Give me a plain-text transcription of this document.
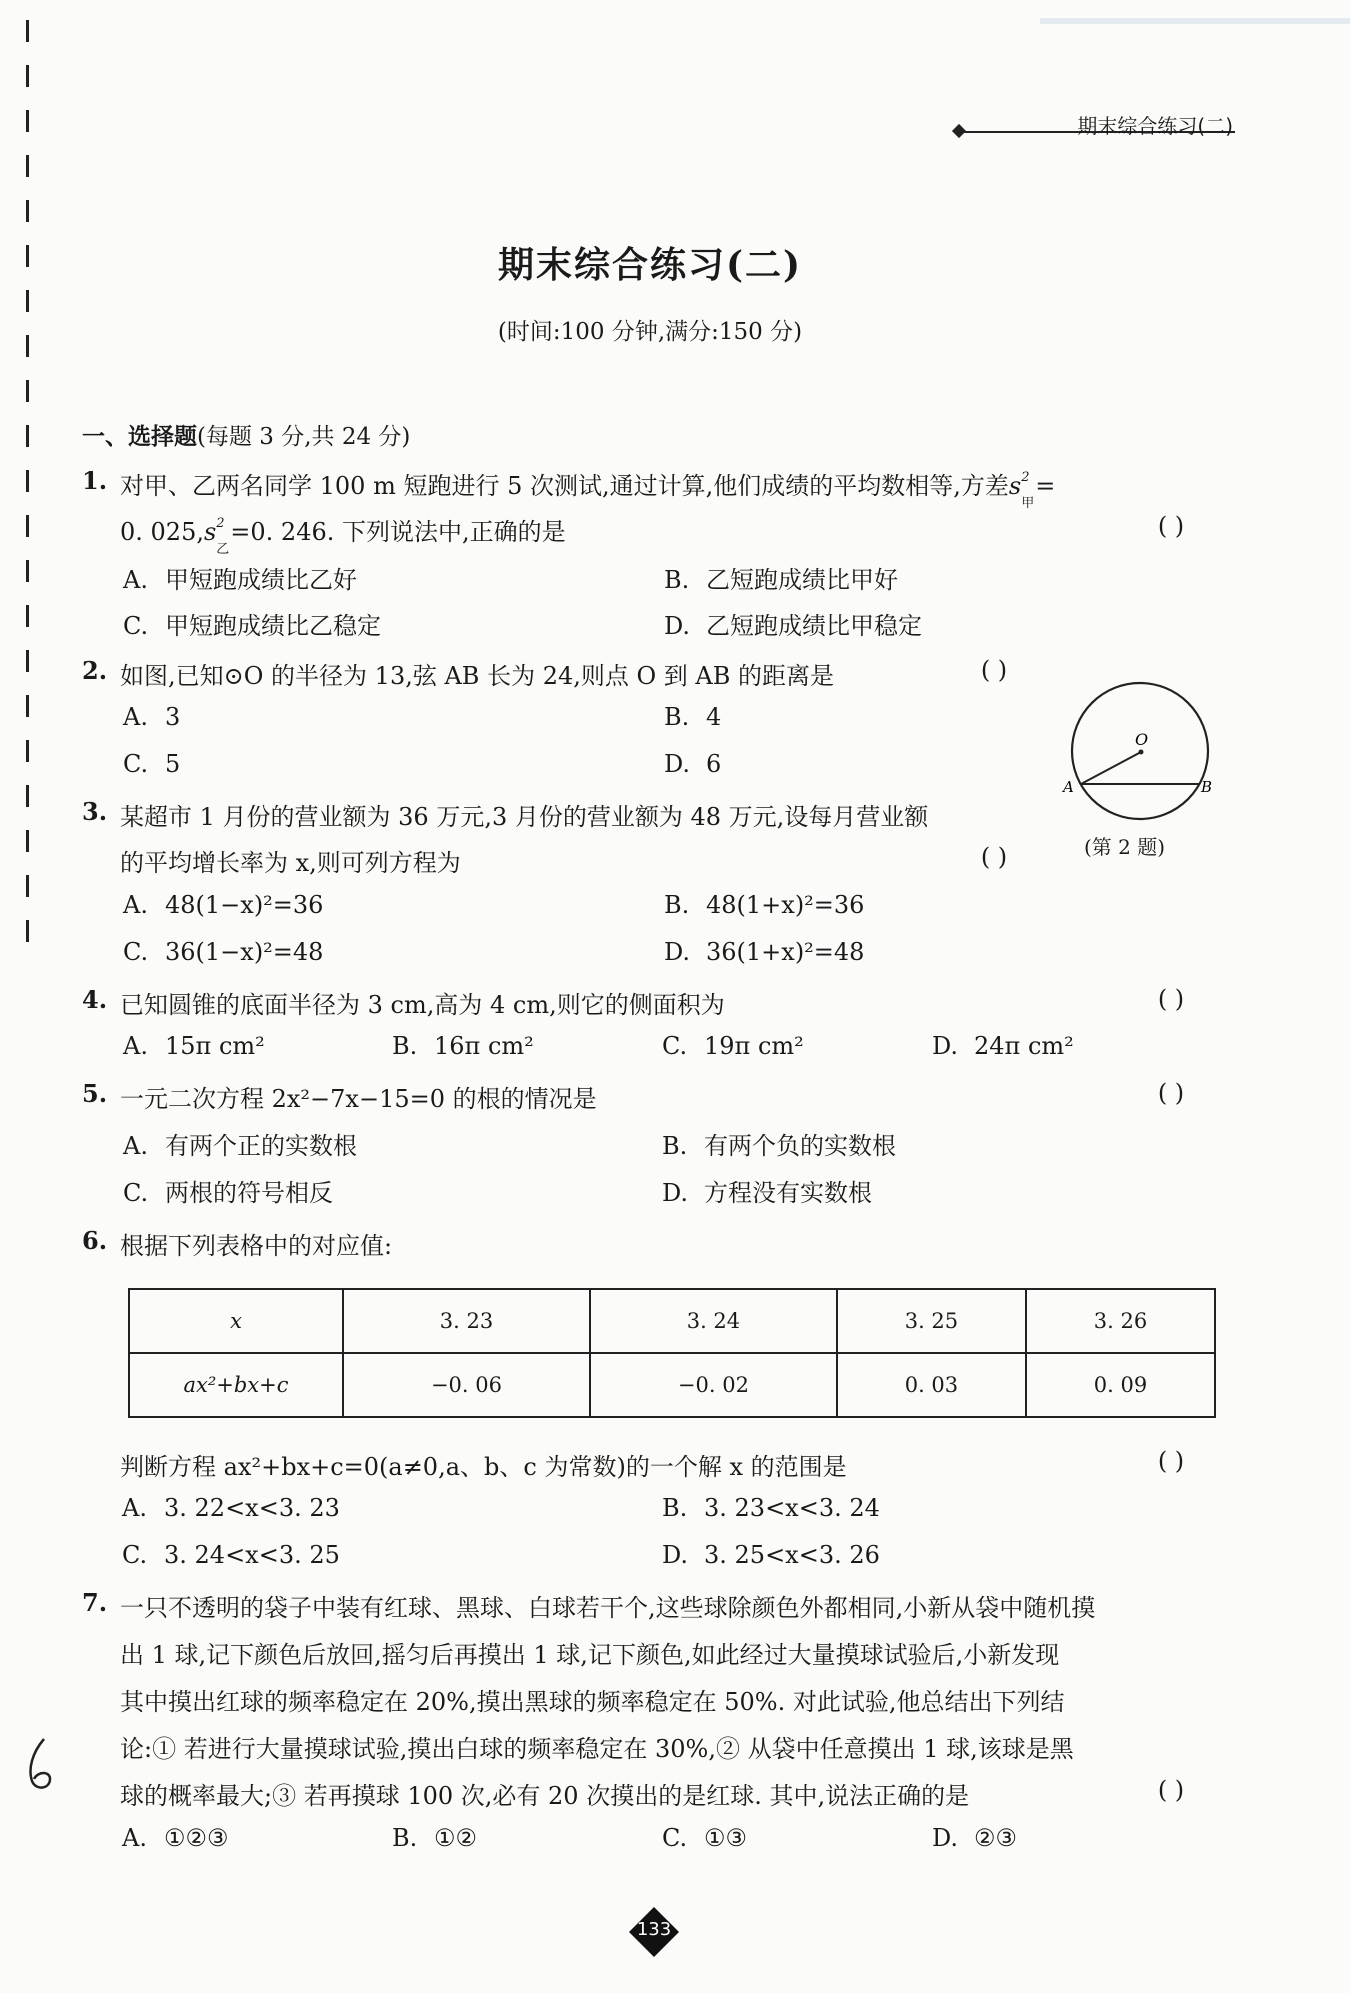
期末综合练习(二)
期末综合练习(二)
(时间:100 分钟,满分:150 分)
一、选择题(每题 3 分,共 24 分)
1. 对甲、乙两名同学 100 m 短跑进行 5 次测试,通过计算,他们成绩的平均数相等,方差s 2
甲
=
0. 025,s 2
乙
=0. 246. 下列说法中,正确的是	( )
A. 甲短跑成绩比乙好	B. 乙短跑成绩比甲好
C. 甲短跑成绩比乙稳定	D. 乙短跑成绩比甲稳定
2. 如图,已知⊙O 的半径为 13,弦 AB 长为 24,则点 O 到 AB 的距离是	( )
A. 3	B. 4
C. 5	D. 6
O
A	B
(第 2 题)
3. 某超市 1 月份的营业额为 36 万元,3 月份的营业额为 48 万元,设每月营业额
的平均增长率为 x,则可列方程为	( )
A. 48(1−x)²=36	B. 48(1+x)²=36
C. 36(1−x)²=48	D. 36(1+x)²=48
4. 已知圆锥的底面半径为 3 cm,高为 4 cm,则它的侧面积为	( )
A. 15π cm²	B. 16π cm²	C. 19π cm²	D. 24π cm²
5. 一元二次方程 2x²−7x−15=0 的根的情况是	( )
A. 有两个正的实数根	B. 有两个负的实数根
C. 两根的符号相反	D. 方程没有实数根
6. 根据下列表格中的对应值:
x	3. 23	3. 24	3. 25	3. 26
ax²+bx+c	−0. 06	−0. 02	0. 03	0. 09
判断方程 ax²+bx+c=0(a≠0,a、b、c 为常数)的一个解 x 的范围是	( )
A. 3. 22<x<3. 23	B. 3. 23<x<3. 24
C. 3. 24<x<3. 25	D. 3. 25<x<3. 26
7. 一只不透明的袋子中装有红球、黑球、白球若干个,这些球除颜色外都相同,小新从袋中随机摸
出 1 球,记下颜色后放回,摇匀后再摸出 1 球,记下颜色,如此经过大量摸球试验后,小新发现
其中摸出红球的频率稳定在 20%,摸出黑球的频率稳定在 50%. 对此试验,他总结出下列结
论:① 若进行大量摸球试验,摸出白球的频率稳定在 30%,② 从袋中任意摸出 1 球,该球是黑
球的概率最大;③ 若再摸球 100 次,必有 20 次摸出的是红球. 其中,说法正确的是	( )
A. ①②③	B. ①②	C. ①③	D. ②③
133
